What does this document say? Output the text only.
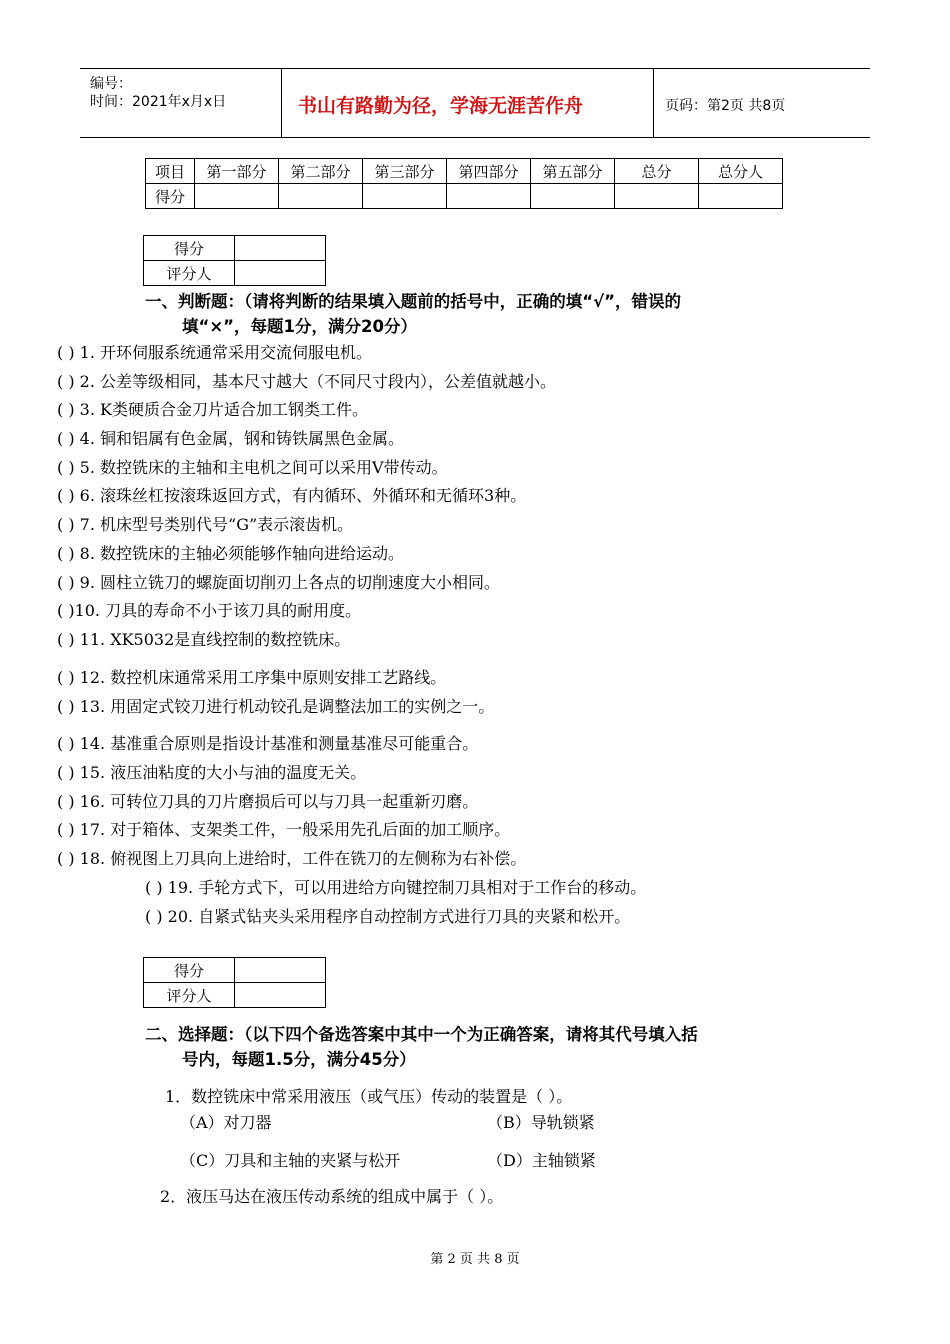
编号：
时间：2021年x月x日	书山有路勤为径，学海无涯苦作舟	页码：第2页 共8页
项目	第一部分	第二部分	第三部分	第四部分	第五部分	总分	总分人
得分							
得分	
评分人	
一、判断题：（请将判断的结果填入题前的括号中，正确的填“√”，错误的
填“×”，每题1分，满分20分）
( ) 1. 开环伺服系统通常采用交流伺服电机。
( ) 2. 公差等级相同，基本尺寸越大（不同尺寸段内），公差值就越小。
( ) 3. K类硬质合金刀片适合加工钢类工件。
( ) 4. 铜和铝属有色金属，钢和铸铁属黑色金属。
( ) 5. 数控铣床的主轴和主电机之间可以采用V带传动。
( ) 6. 滚珠丝杠按滚珠返回方式，有内循环、外循环和无循环3种。
( ) 7. 机床型号类别代号“G”表示滚齿机。
( ) 8. 数控铣床的主轴必须能够作轴向进给运动。
( ) 9. 圆柱立铣刀的螺旋面切削刃上各点的切削速度大小相同。
( )10. 刀具的寿命不小于该刀具的耐用度。
( ) 11. XK5032是直线控制的数控铣床。
( ) 12. 数控机床通常采用工序集中原则安排工艺路线。
( ) 13. 用固定式铰刀进行机动铰孔是调整法加工的实例之一。
( ) 14. 基准重合原则是指设计基准和测量基准尽可能重合。
( ) 15. 液压油粘度的大小与油的温度无关。
( ) 16. 可转位刀具的刀片磨损后可以与刀具一起重新刃磨。
( ) 17. 对于箱体、支架类工件，一般采用先孔后面的加工顺序。
( ) 18. 俯视图上刀具向上进给时，工件在铣刀的左侧称为右补偿。
( ) 19. 手轮方式下，可以用进给方向键控制刀具相对于工作台的移动。
( ) 20. 自紧式钻夹头采用程序自动控制方式进行刀具的夹紧和松开。
得分	
评分人	
二、选择题：（以下四个备选答案中其中一个为正确答案，请将其代号填入括
号内，每题1.5分，满分45分）
1．数控铣床中常采用液压（或气压）传动的装置是（ ）。
（A）对刀器	（B）导轨锁紧
（C）刀具和主轴的夹紧与松开	（D）主轴锁紧
2．液压马达在液压传动系统的组成中属于（ ）。
第 2 页 共 8 页
